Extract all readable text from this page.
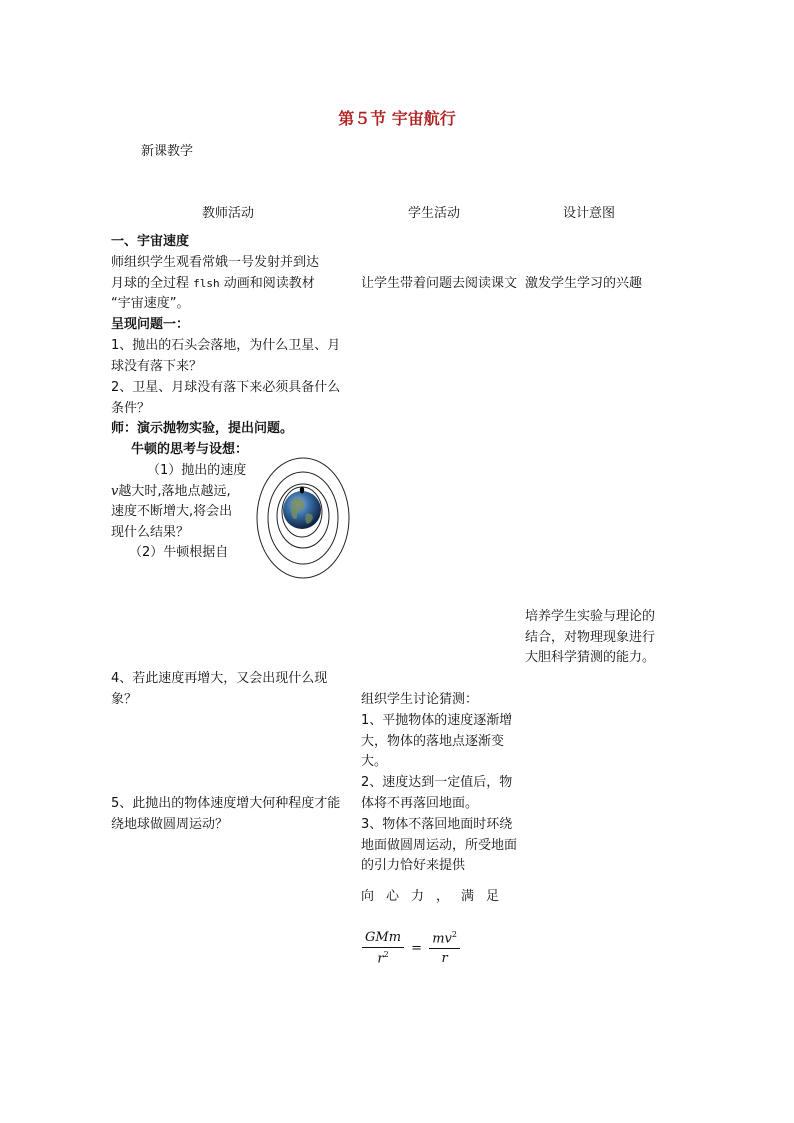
第５节 宇宙航行
新课教学
教师活动	学生活动	设计意图
一、宇宙速度
师组织学生观看常娥一号发射并到达
月球的全过程 flsh 动画和阅读教材
“宇宙速度”。
呈现问题一：
1、抛出的石头会落地，为什么卫星、月球没有落下来？
2、卫星、月球没有落下来必须具备什么条件？
师：演示抛物实验，提出问题。
牛顿的思考与设想：
（1）抛出的速度
v越大时,落地点越远,
速度不断增大,将会出
现什么结果？
（2）牛顿根据自
4、若此速度再增大，又会出现什么现象？
5、此抛出的物体速度增大何种程度才能绕地球做圆周运动？
让学生带着问题去阅读课文
组织学生讨论猜测：
1、平抛物体的速度逐渐增大，物体的落地点逐渐变大。
2、速度达到一定值后，物体将不再落回地面。
3、物体不落回地面时环绕地面做圆周运动，所受地面的引力恰好来提供
向心力，满足
$\frac{\text{GMm}}{r^2} = \frac{mv^2}{r}$
激发学生学习的兴趣
培养学生实验与理论的结合，对物理现象进行大胆科学猜测的能力。
